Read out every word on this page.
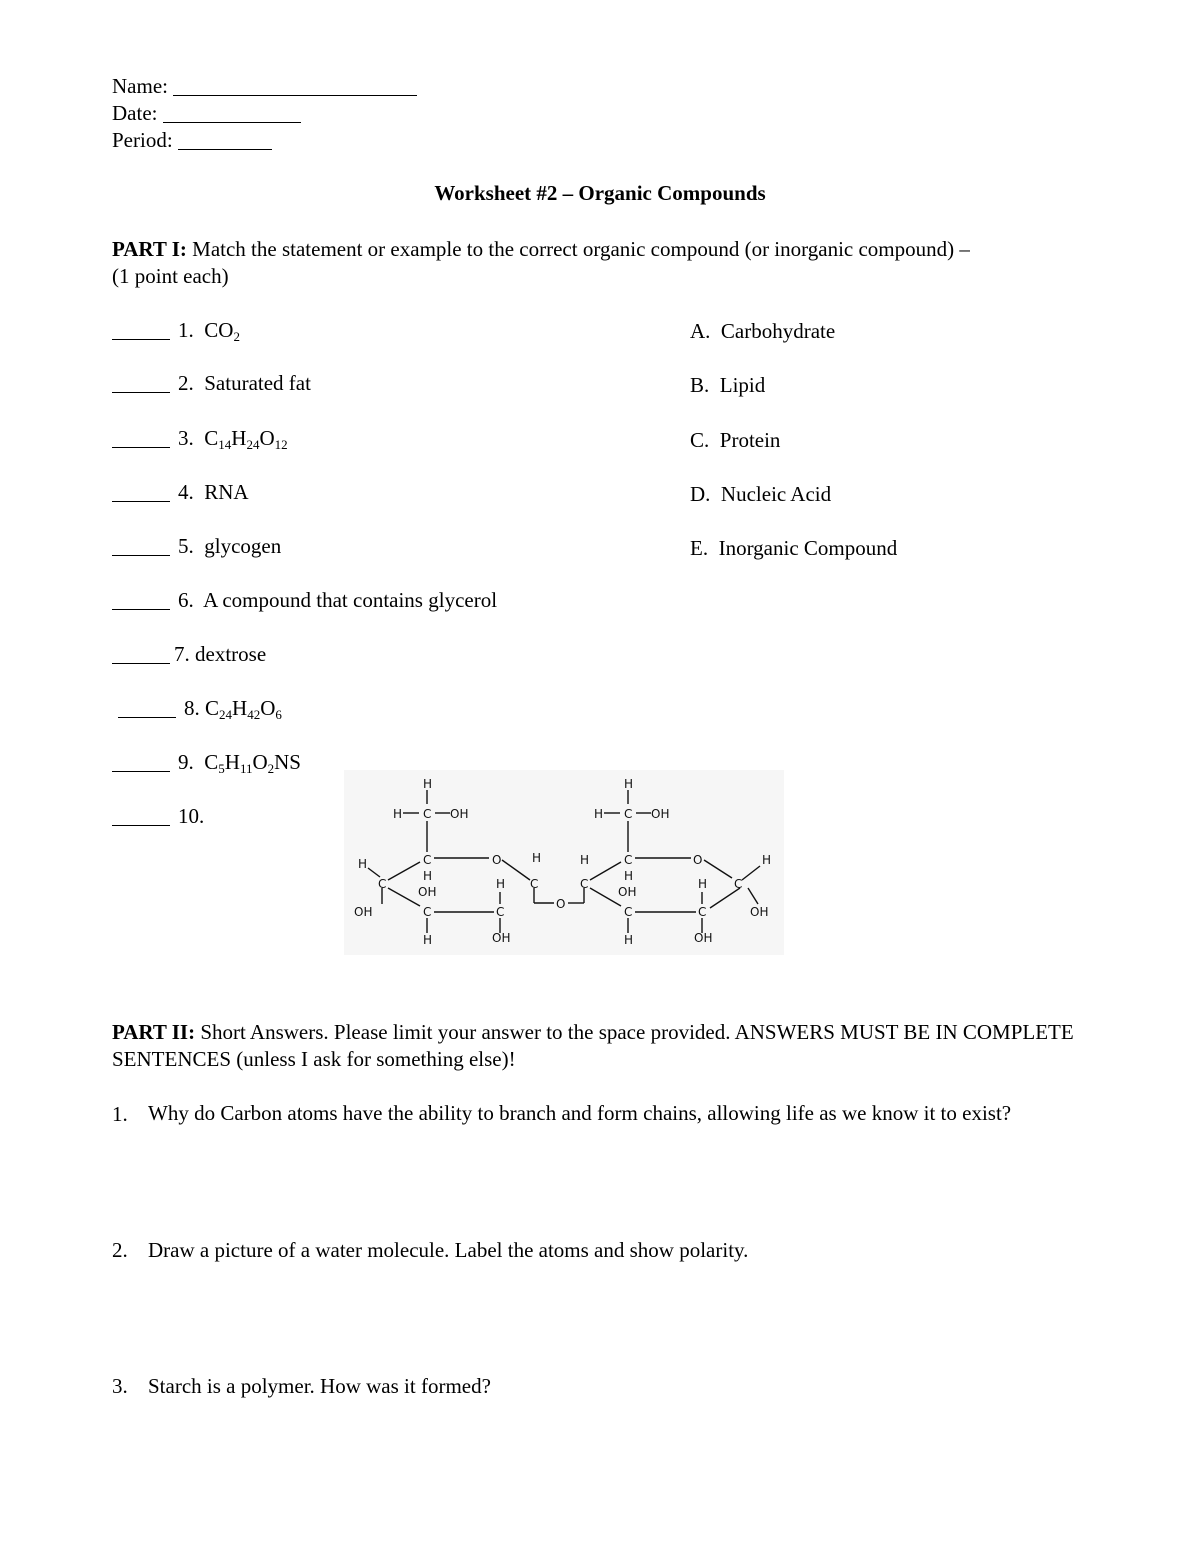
Name:
Date:
Period:
Worksheet #2 – Organic Compounds
PART I: Match the statement or example to the correct organic compound (or inorganic compound) –
(1 point each)
1. $CO_2$
2. Saturated fat
3. $C_{14}H_{24}O_{12}$
4. RNA
5. glycogen
6. A compound that contains glycerol
7. dextrose
8. $C_{24}H_{42}O_6$
9. $C_5H_{11}O_2NS$
10.
A. Carbohydrate
B. Lipid
C. Protein
D. Nucleic Acid
E. Inorganic Compound
H
H C OH
C
H
O	H
H
C
OH
H C
OH	C	C
O
H	OH
H
H C OH
H	C
H
O	H
C
OH
H C
C	C	OH
H	OH
PART II: Short Answers. Please limit your answer to the space provided. ANSWERS MUST BE IN COMPLETE SENTENCES (unless I ask for something else)!
1. Why do Carbon atoms have the ability to branch and form chains, allowing life as we know it to exist?
2. Draw a picture of a water molecule. Label the atoms and show polarity.
3. Starch is a polymer. How was it formed?
